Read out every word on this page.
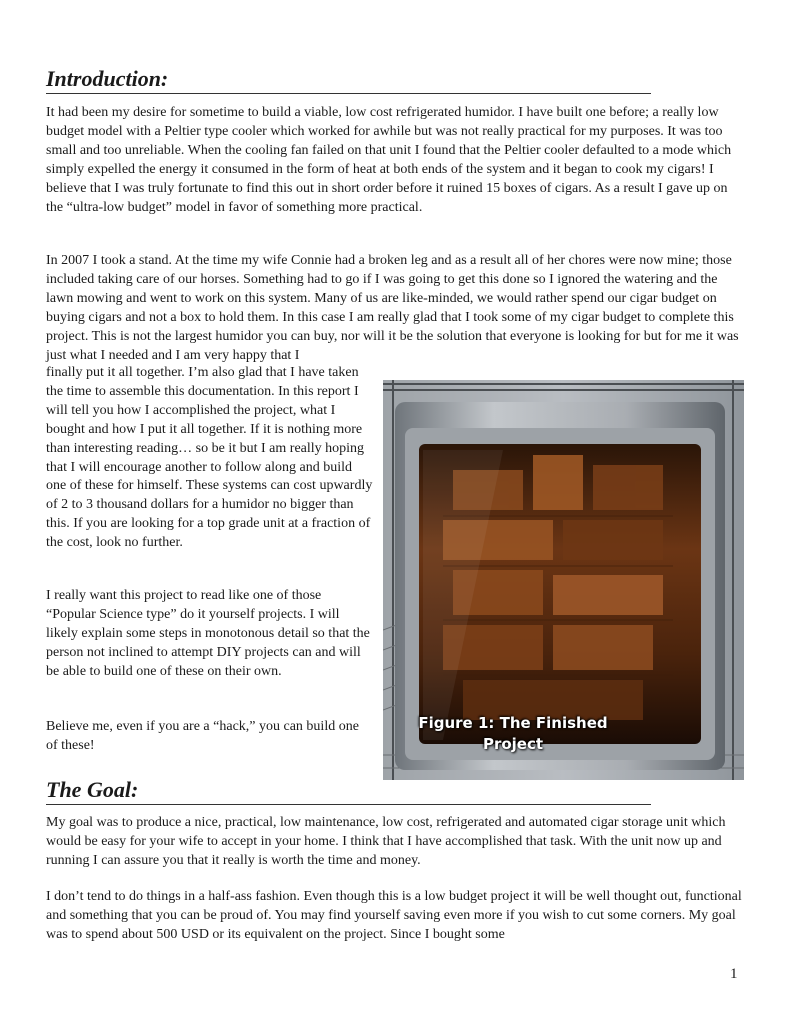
Introduction:

It had been my desire for sometime to build a viable, low cost refrigerated humidor. I have built one before; a really low budget model with a Peltier type cooler which worked for awhile but was not really practical for my purposes. It was too small and too unreliable. When the cooling fan failed on that unit I found that the Peltier cooler defaulted to a mode which simply expelled the energy it consumed in the form of heat at both ends of the system and it began to cook my cigars! I believe that I was truly fortunate to find this out in short order before it ruined 15 boxes of cigars. As a result I gave up on the “ultra-low budget” model in favor of something more practical.

In 2007 I took a stand. At the time my wife Connie had a broken leg and as a result all of her chores were now mine; those included taking care of our horses. Something had to go if I was going to get this done so I ignored the watering and the lawn mowing and went to work on this system. Many of us are like-minded, we would rather spend our cigar budget on buying cigars and not a box to hold them. In this case I am really glad that I took some of my cigar budget to complete this project. This is not the largest humidor you can buy, nor will it be the solution that everyone is looking for but for me it was just what I needed and I am very happy that I

finally put it all together. I’m also glad that I have taken the time to assemble this documentation. In this report I will tell you how I accomplished the project, what I bought and how I put it all together. If it is nothing more than interesting reading… so be it but I am really hoping that I will encourage another to follow along and build one of these for himself. These systems can cost upwardly of 2 to 3 thousand dollars for a humidor no bigger than this. If you are looking for a top grade unit at a fraction of the cost, look no further.

I really want this project to read like one of those “Popular Science type” do it yourself projects. I will likely explain some steps in monotonous detail so that the person not inclined to attempt DIY projects can and will be able to build one of these on their own.

Believe me, even if you are a “hack,” you can build one of these!

Figure 1: The Finished
Project
The Goal:

My goal was to produce a nice, practical, low maintenance, low cost, refrigerated and automated cigar storage unit which would be easy for your wife to accept in your home. I think that I have accomplished that task. With the unit now up and running I can assure you that it really is worth the time and money.

I don’t tend to do things in a half-ass fashion. Even though this is a low budget project it will be well thought out, functional and something that you can be proud of. You may find yourself saving even more if you wish to cut some corners. My goal was to spend about 500 USD or its equivalent on the project. Since I bought some

1
